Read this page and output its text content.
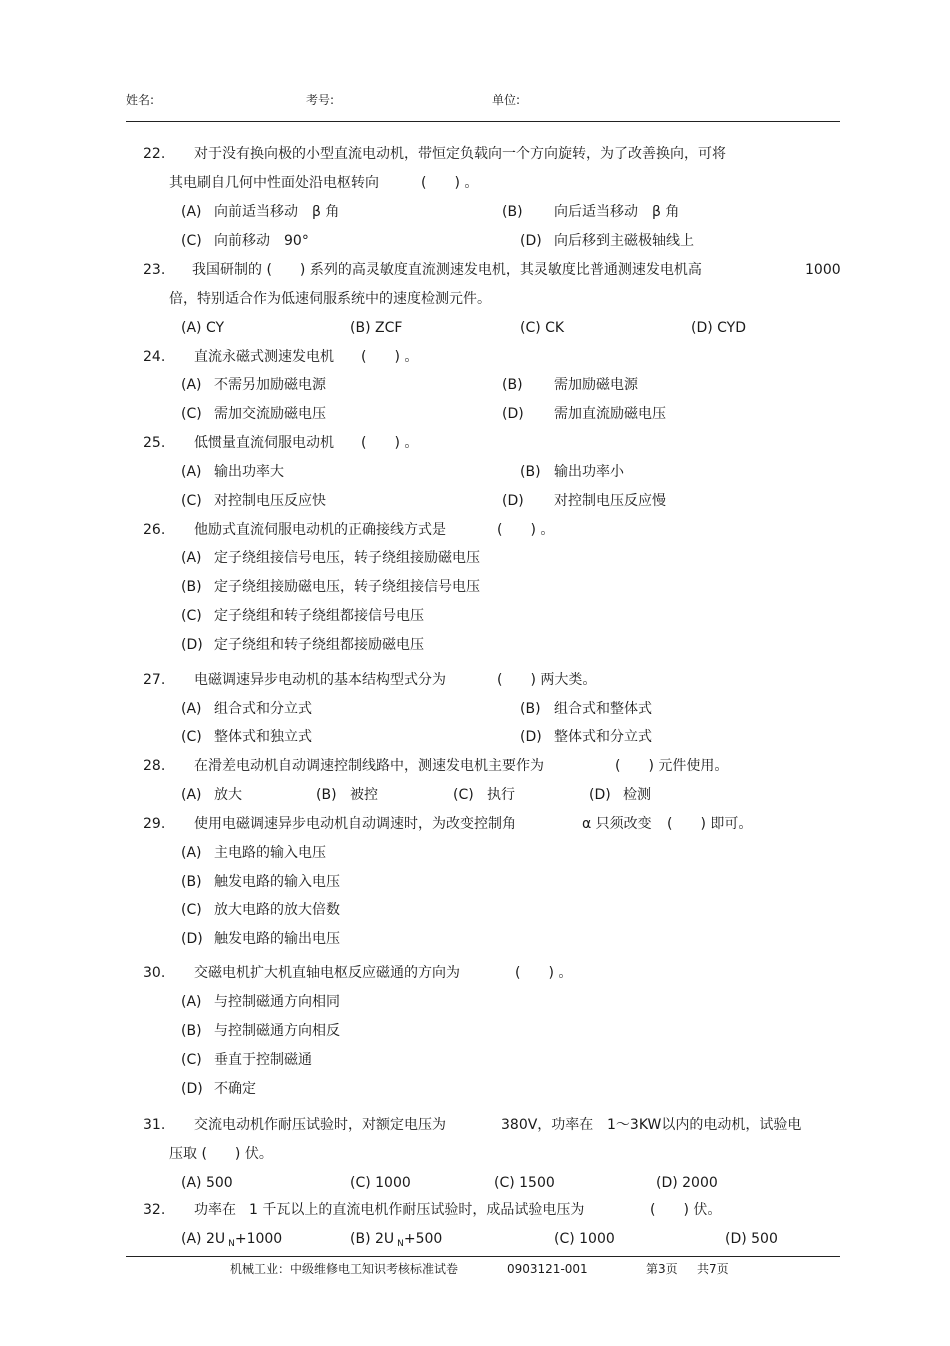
姓名:	考号:	单位:
22. 对于没有换向极的小型直流电动机，带恒定负载向一个方向旋转，为了改善换向，可将
其电刷自几何中性面处沿电枢转向	(　　) 。
(A) 向前适当移动　β 角	(B) 向后适当移动　β 角
(C) 向前移动　90°	(D) 向后移到主磁极轴线上
23. 我国研制的 (　　) 系列的高灵敏度直流测速发电机，其灵敏度比普通测速发电机高	1000
倍，特别适合作为低速伺服系统中的速度检测元件。
(A) CY	(B) ZCF	(C) CK	(D) CYD
24. 直流永磁式测速发电机 (　　) 。
(A) 不需另加励磁电源	(B) 需加励磁电源
(C) 需加交流励磁电压	(D) 需加直流励磁电压
25. 低惯量直流伺服电动机 (　　) 。
(A) 输出功率大	(B) 输出功率小
(C) 对控制电压反应快	(D) 对控制电压反应慢
26. 他励式直流伺服电动机的正确接线方式是	(　　) 。
(A) 定子绕组接信号电压，转子绕组接励磁电压
(B) 定子绕组接励磁电压，转子绕组接信号电压
(C) 定子绕组和转子绕组都接信号电压
(D) 定子绕组和转子绕组都接励磁电压
27. 电磁调速异步电动机的基本结构型式分为	(　　) 两大类。
(A) 组合式和分立式	(B) 组合式和整体式
(C) 整体式和独立式	(D) 整体式和分立式
28. 在滑差电动机自动调速控制线路中，测速发电机主要作为	(　　) 元件使用。
(A) 放大	(B) 被控	(C) 执行	(D) 检测
29. 使用电磁调速异步电动机自动调速时，为改变控制角	α 只须改变 (　　) 即可。
(A) 主电路的输入电压
(B) 触发电路的输入电压
(C) 放大电路的放大倍数
(D) 触发电路的输出电压
30. 交磁电机扩大机直轴电枢反应磁通的方向为	(　　) 。
(A) 与控制磁通方向相同
(B) 与控制磁通方向相反
(C) 垂直于控制磁通
(D) 不确定
31. 交流电动机作耐压试验时，对额定电压为	380V，功率在 1～3KW以内的电动机，试验电
压取 (　　) 伏。
(A) 500	(C) 1000	(C) 1500	(D) 2000
32. 功率在 1 千瓦以上的直流电机作耐压试验时，成品试验电压为	(　　) 伏。
(A) 2U $_N$+1000	(B) 2U $_N$+500	(C) 1000	(D) 500
机械工业：中级维修电工知识考核标准试卷	0903121-001	第3页 共7页
